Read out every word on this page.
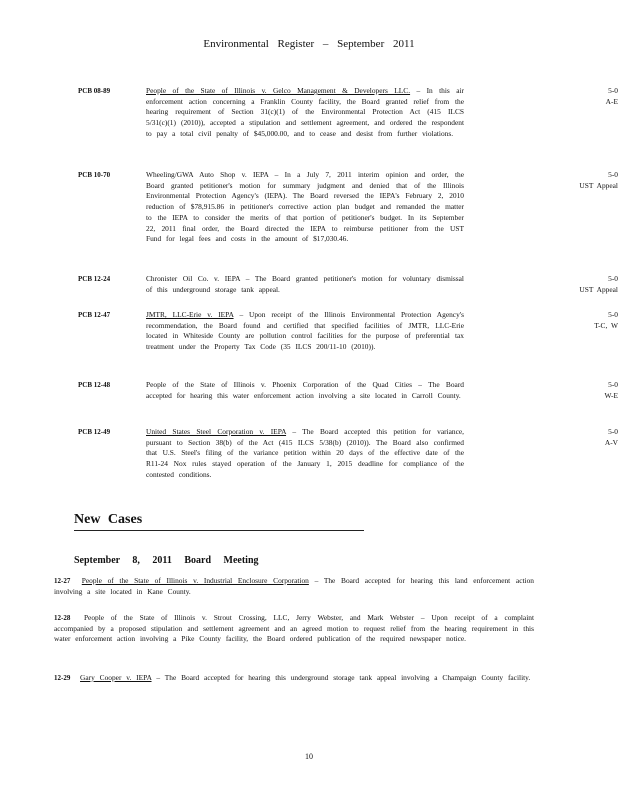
Environmental Register – September 2011
PCB 08-89	People of the State of Illinois v. Gelco Management & Developers LLC. – In this air enforcement action concerning a Franklin County facility, the Board granted relief from the hearing requirement of Section 31(c)(1) of the Environmental Protection Act (415 ILCS 5/31(c)(1) (2010)), accepted a stipulation and settlement agreement, and ordered the respondent to pay a total civil penalty of $45,000.00, and to cease and desist from further violations.
5-0
A-E
PCB 10-70	Wheeling/GWA Auto Shop v. IEPA – In a July 7, 2011 interim opinion and order, the Board granted petitioner's motion for summary judgment and denied that of the Illinois Environmental Protection Agency's (IEPA). The Board reversed the IEPA's February 2, 2010 reduction of $78,915.86 in petitioner's corrective action plan budget and remanded the matter to the IEPA to consider the merits of that portion of petitioner's budget. In its September 22, 2011 final order, the Board directed the IEPA to reimburse petitioner from the UST Fund for legal fees and costs in the amount of $17,030.46.
5-0
UST Appeal
PCB 12-24	Chronister Oil Co. v. IEPA – The Board granted petitioner's motion for voluntary dismissal of this underground storage tank appeal.
5-0
UST Appeal
PCB 12-47	JMTR, LLC-Erie v. IEPA – Upon receipt of the Illinois Environmental Protection Agency's recommendation, the Board found and certified that specified facilities of JMTR, LLC-Erie located in Whiteside County are pollution control facilities for the purpose of preferential tax treatment under the Property Tax Code (35 ILCS 200/11-10 (2010)).
5-0
T-C, W
PCB 12-48	People of the State of Illinois v. Phoenix Corporation of the Quad Cities – The Board accepted for hearing this water enforcement action involving a site located in Carroll County.
5-0
W-E
PCB 12-49	United States Steel Corporation v. IEPA – The Board accepted this petition for variance, pursuant to Section 38(b) of the Act (415 ILCS 5/38(b) (2010)). The Board also confirmed that U.S. Steel's filing of the variance petition within 20 days of the effective date of the R11-24 Nox rules stayed operation of the January 1, 2015 deadline for compliance of the contested conditions.
5-0
A-V
New Cases
September 8, 2011 Board Meeting
12-27 People of the State of Illinois v. Industrial Enclosure Corporation – The Board accepted for hearing this land enforcement action involving a site located in Kane County.
12-28 People of the State of Illinois v. Strout Crossing, LLC, Jerry Webster, and Mark Webster – Upon receipt of a complaint accompanied by a proposed stipulation and settlement agreement and an agreed motion to request relief from the hearing requirement in this water enforcement action involving a Pike County facility, the Board ordered publication of the required newspaper notice.
12-29 Gary Cooper v. IEPA – The Board accepted for hearing this underground storage tank appeal involving a Champaign County facility.
10
